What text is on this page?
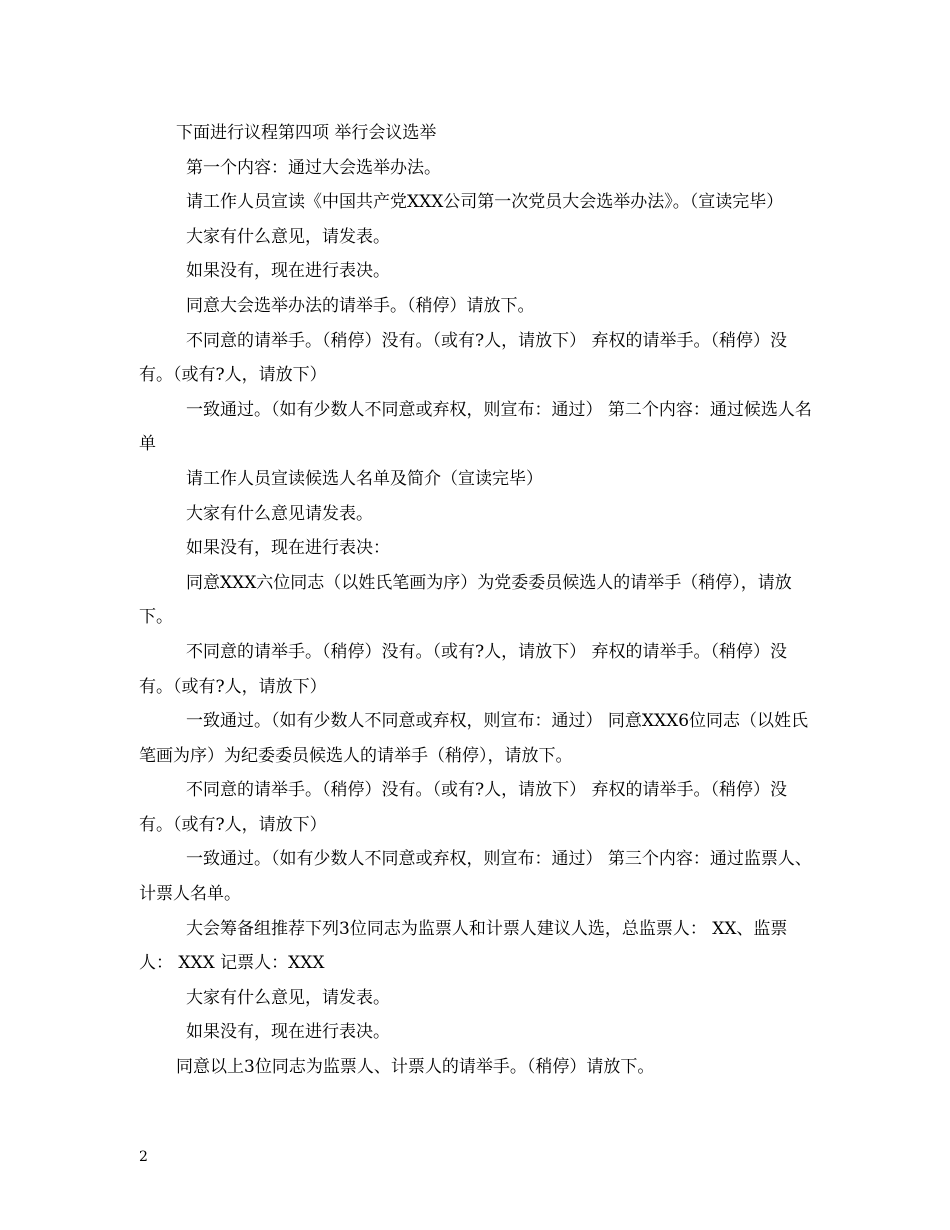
下面进行议程第四项 举行会议选举

第一个内容：通过大会选举办法。

请工作人员宣读《中国共产党XXX公司第一次党员大会选举办法》。（宣读完毕）

大家有什么意见，请发表。

如果没有，现在进行表决。

同意大会选举办法的请举手。（稍停）请放下。

不同意的请举手。（稍停）没有。（或有?人，请放下） 弃权的请举手。（稍停）没有。（或有?人，请放下）

一致通过。（如有少数人不同意或弃权，则宣布：通过） 第二个内容：通过候选人名单

请工作人员宣读候选人名单及简介（宣读完毕）

大家有什么意见请发表。

如果没有，现在进行表决：

同意XXX六位同志（以姓氏笔画为序）为党委委员候选人的请举手（稍停），请放下。

不同意的请举手。（稍停）没有。（或有?人，请放下） 弃权的请举手。（稍停）没有。（或有?人，请放下）

一致通过。（如有少数人不同意或弃权，则宣布：通过） 同意XXX6位同志（以姓氏笔画为序）为纪委委员候选人的请举手（稍停），请放下。

不同意的请举手。（稍停）没有。（或有?人，请放下） 弃权的请举手。（稍停）没有。（或有?人，请放下）

一致通过。（如有少数人不同意或弃权，则宣布：通过） 第三个内容：通过监票人、计票人名单。

大会筹备组推荐下列3位同志为监票人和计票人建议人选，总监票人： XX、监票人： XXX 记票人：XXX

大家有什么意见，请发表。

如果没有，现在进行表决。

同意以上3位同志为监票人、计票人的请举手。（稍停）请放下。

2
